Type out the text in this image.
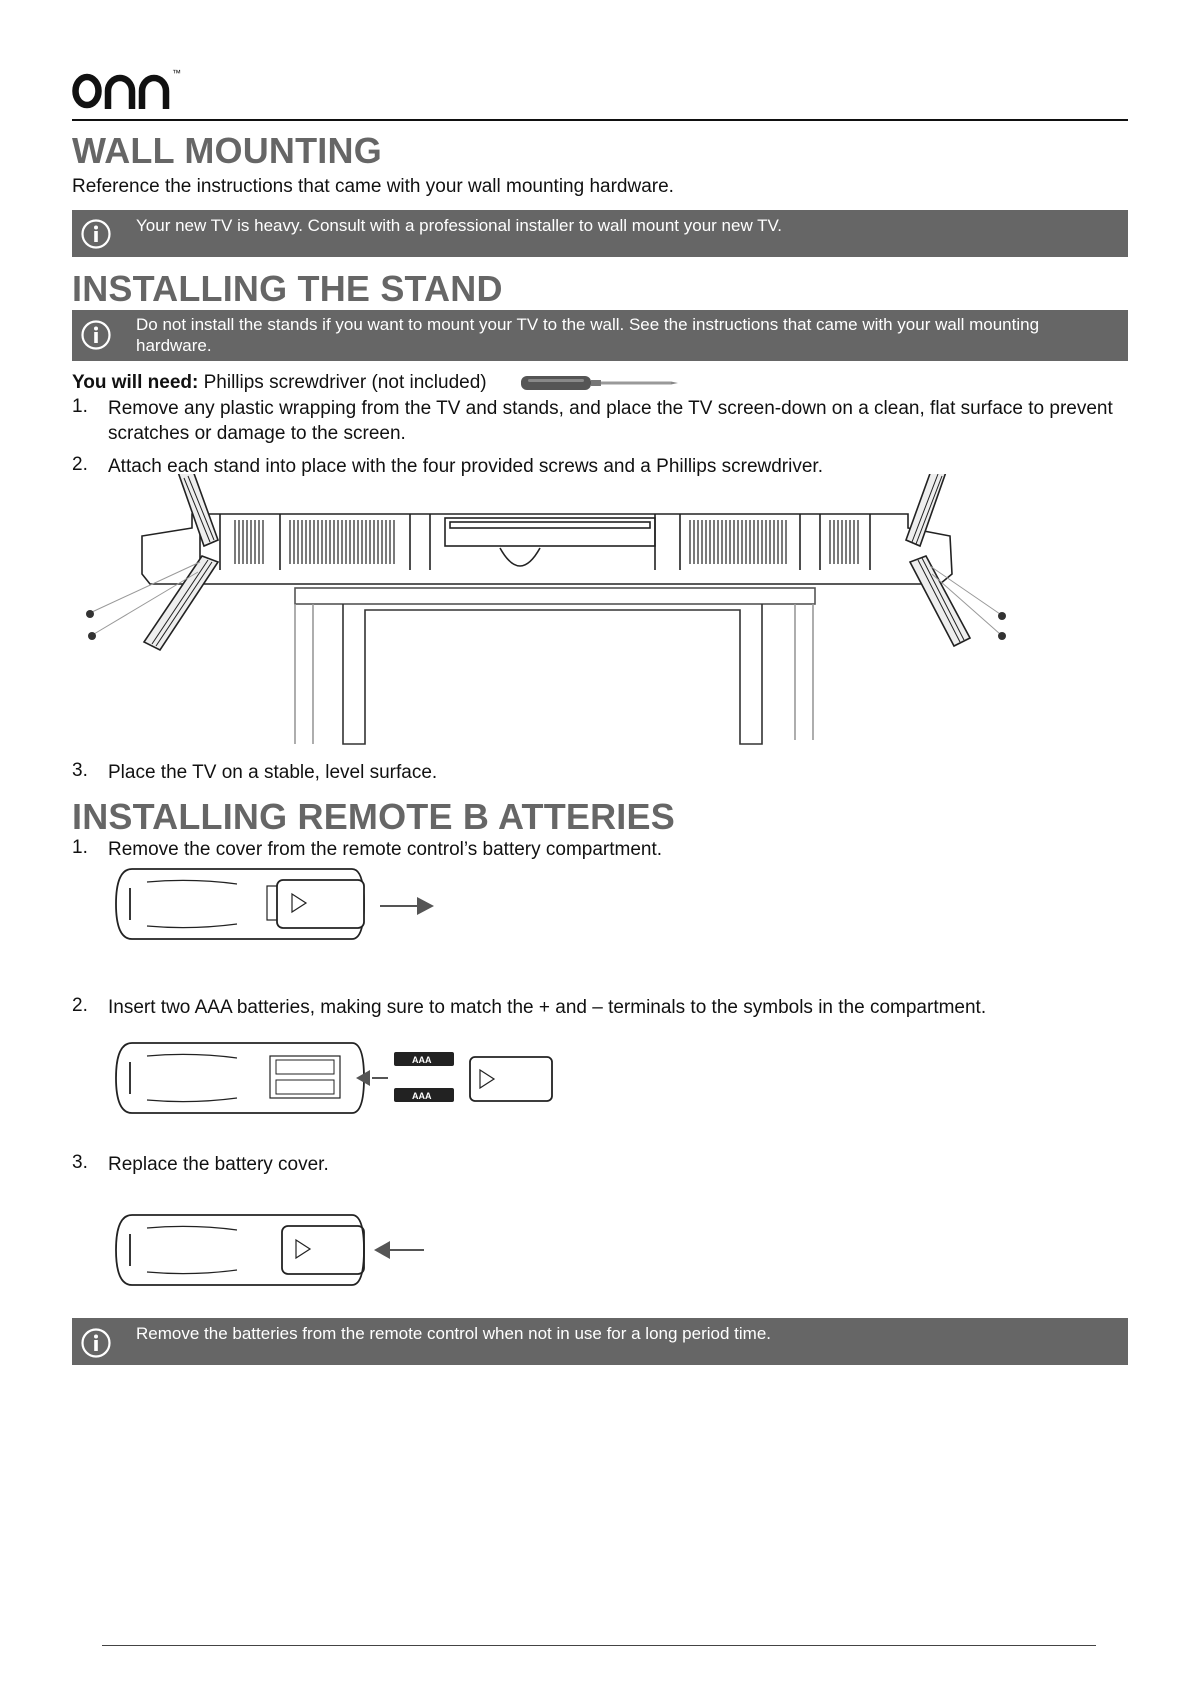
™
WALL MOUNTING
Reference the instructions that came with your wall mounting hardware.
Your new TV is heavy. Consult with a professional installer to wall mount your new TV.
INSTALLING THE STAND
Do not install the stands if you want to mount your TV to the wall. See the instructions that came with your wall mounting hardware.
You will need: Phillips screwdriver (not included)
1. Remove any plastic wrapping from the TV and stands, and place the TV screen-down on a clean, flat surface to prevent scratches or damage to the screen.
2. Attach each stand into place with the four provided screws and a Phillips screwdriver.
3. Place the TV on a stable, level surface.
INSTALLING REMOTE B ATTERIES
1. Remove the cover from the remote control’s battery compartment.
2. Insert two AAA batteries, making sure to match the + and – terminals to the symbols in the compartment.
AAA
AAA
3. Replace the battery cover.
Remove the batteries from the remote control when not in use for a long period time.
